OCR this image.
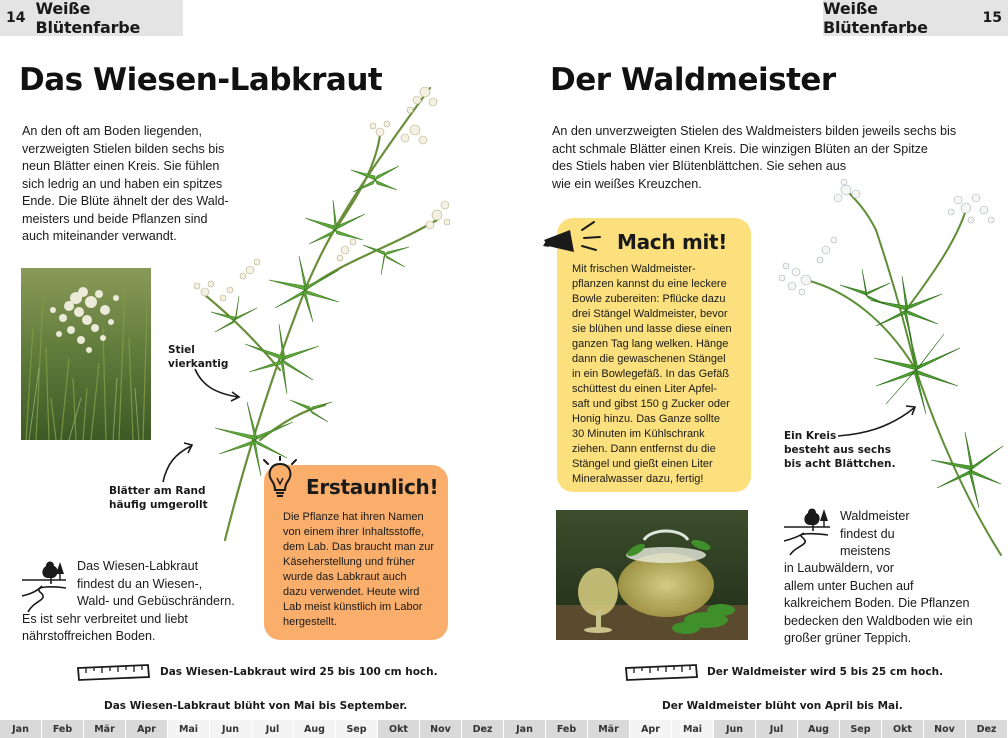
14 Weiße Blütenfarbe
Das Wiesen-Labkraut
An den oft am Boden liegenden,
verzweigten Stielen bilden sechs bis
neun Blätter einen Kreis. Sie fühlen
sich ledrig an und haben ein spitzes
Ende. Die Blüte ähnelt der des Wald-
meisters und beide Pflanzen sind
auch miteinander verwandt.
Stiel
vierkantig
Blätter am Rand
häufig umgerollt
Erstaunlich!
Die Pflanze hat ihren Namen
von einem ihrer Inhaltsstoffe,
dem Lab. Das braucht man zur
Käseherstellung und früher
wurde das Labkraut auch
dazu verwendet. Heute wird
Lab meist künstlich im Labor
hergestellt.
Das Wiesen-Labkraut
findest du an Wiesen-,
Wald- und Gebüschrändern.
Es ist sehr verbreitet und liebt
nährstoffreichen Boden.
Das Wiesen-Labkraut wird 25 bis 100 cm hoch.
Das Wiesen-Labkraut blüht von Mai bis September.
Jan	Feb	Mär	Apr	Mai	Jun	Jul	Aug	Sep	Okt	Nov	Dez
Weiße Blütenfarbe	15
Der Waldmeister
An den unverzweigten Stielen des Waldmeisters bilden jeweils sechs bis
acht schmale Blätter einen Kreis. Die winzigen Blüten an der Spitze
des Stiels haben vier Blütenblättchen. Sie sehen aus
wie ein weißes Kreuzchen.
Mach mit!
Mit frischen Waldmeister-
pflanzen kannst du eine leckere
Bowle zubereiten: Pflücke dazu
drei Stängel Waldmeister, bevor
sie blühen und lasse diese einen
ganzen Tag lang welken. Hänge
dann die gewaschenen Stängel
in ein Bowlegefäß. In das Gefäß
schüttest du einen Liter Apfel-
saft und gibst 150 g Zucker oder
Honig hinzu. Das Ganze sollte
30 Minuten im Kühlschrank
ziehen. Dann entfernst du die
Stängel und gießt einen Liter
Mineralwasser dazu, fertig!
Ein Kreis
besteht aus sechs
bis acht Blättchen.
Waldmeister
findest du
meistens
in Laubwäldern, vor
allem unter Buchen auf
kalkreichem Boden. Die Pflanzen
bedecken den Waldboden wie ein
großer grüner Teppich.
Der Waldmeister wird 5 bis 25 cm hoch.
Der Waldmeister blüht von April bis Mai.
Jan	Feb	Mär	Apr	Mai	Jun	Jul	Aug	Sep	Okt	Nov	Dez
